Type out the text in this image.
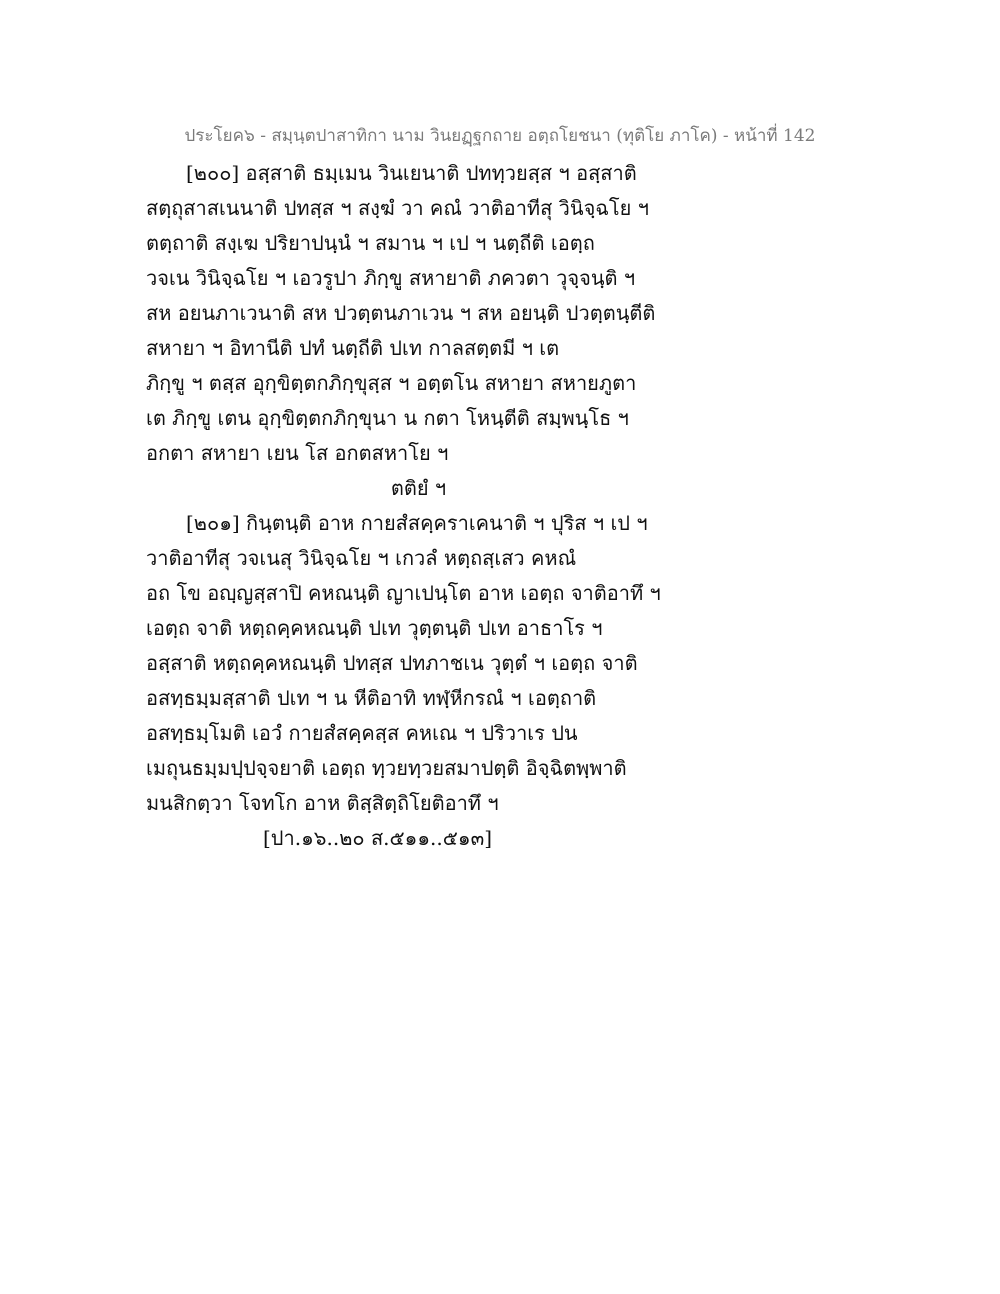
ประโยค๖ - สมฺนฺตปาสาทิกา นาม วินยฏฺฐกถาย อตฺถโยชนา (ทุติโย ภาโค) - หน้าที่ 142
[๒๐๐] อสฺสาติ ธมฺเมน วินเยนาติ ปททฺวยสฺส ฯ อสฺสาติ
สตฺถุสาสเนนาติ ปทสฺส ฯ สงฺฆํ วา คณํ วาติอาทีสุ วินิจฺฉโย ฯ
ตตฺถาติ สงฺเฆ ปริยาปนฺนํ ฯ สมาน ฯ เป ฯ นตฺถีติ เอตฺถ
วจเน วินิจฺฉโย ฯ เอวรูปา ภิกฺขู สหายาติ ภควตา วุจฺจนฺติ ฯ
สห อยนภาเวนาติ สห ปวตฺตนภาเวน ฯ สห อยนฺติ ปวตฺตนฺตีติ
สหายา ฯ อิทานีติ ปทํ นตฺถีติ ปเท กาลสตฺตมี ฯ เต
ภิกฺขู ฯ ตสฺส อุกฺขิตฺตกภิกฺขุสฺส ฯ อตฺตโน สหายา สหายภูตา
เต ภิกฺขู เตน อุกฺขิตฺตกภิกฺขุนา น กตา โหนฺตีติ สมฺพนฺโธ ฯ
อกตา สหายา เยน โส อกตสหาโย ฯ
ตติยํ ฯ
[๒๐๑] กินฺตนฺติ อาห กายสํสคฺคราเคนาติ ฯ ปุริส ฯ เป ฯ
วาติอาทีสุ วจเนสุ วินิจฺฉโย ฯ เกวลํ หตฺถสฺเสว คหณํ
อถ โข อญฺญสฺสาปิ คหณนฺติ ญาเปนฺโต อาห เอตฺถ จาติอาทึ ฯ
เอตฺถ จาติ หตฺถคฺคหณนฺติ ปเท วุตฺตนฺติ ปเท อาธาโร ฯ
อสฺสาติ หตฺถคฺคหณนฺติ ปทสฺส ปทภาชเน วุตฺตํ ฯ เอตฺถ จาติ
อสทฺธมฺมสฺสาติ ปเท ฯ น หีติอาทิ ทฬฺหีกรณํ ฯ เอตฺถาติ
อสทฺธมฺโมติ เอวํ กายสํสคฺคสฺส คหเณ ฯ ปริวาเร ปน
เมถุนธมฺมปฺปจฺจยาติ เอตฺถ ทฺวยทฺวยสมาปตฺติ อิจฺฉิตพฺพาติ
มนสิกตฺวา โจทโก อาห ติสฺสิตฺถิโยติอาทึ ฯ
[ปา.๑๖..๒๐ ส.๕๑๑..๕๑๓]
